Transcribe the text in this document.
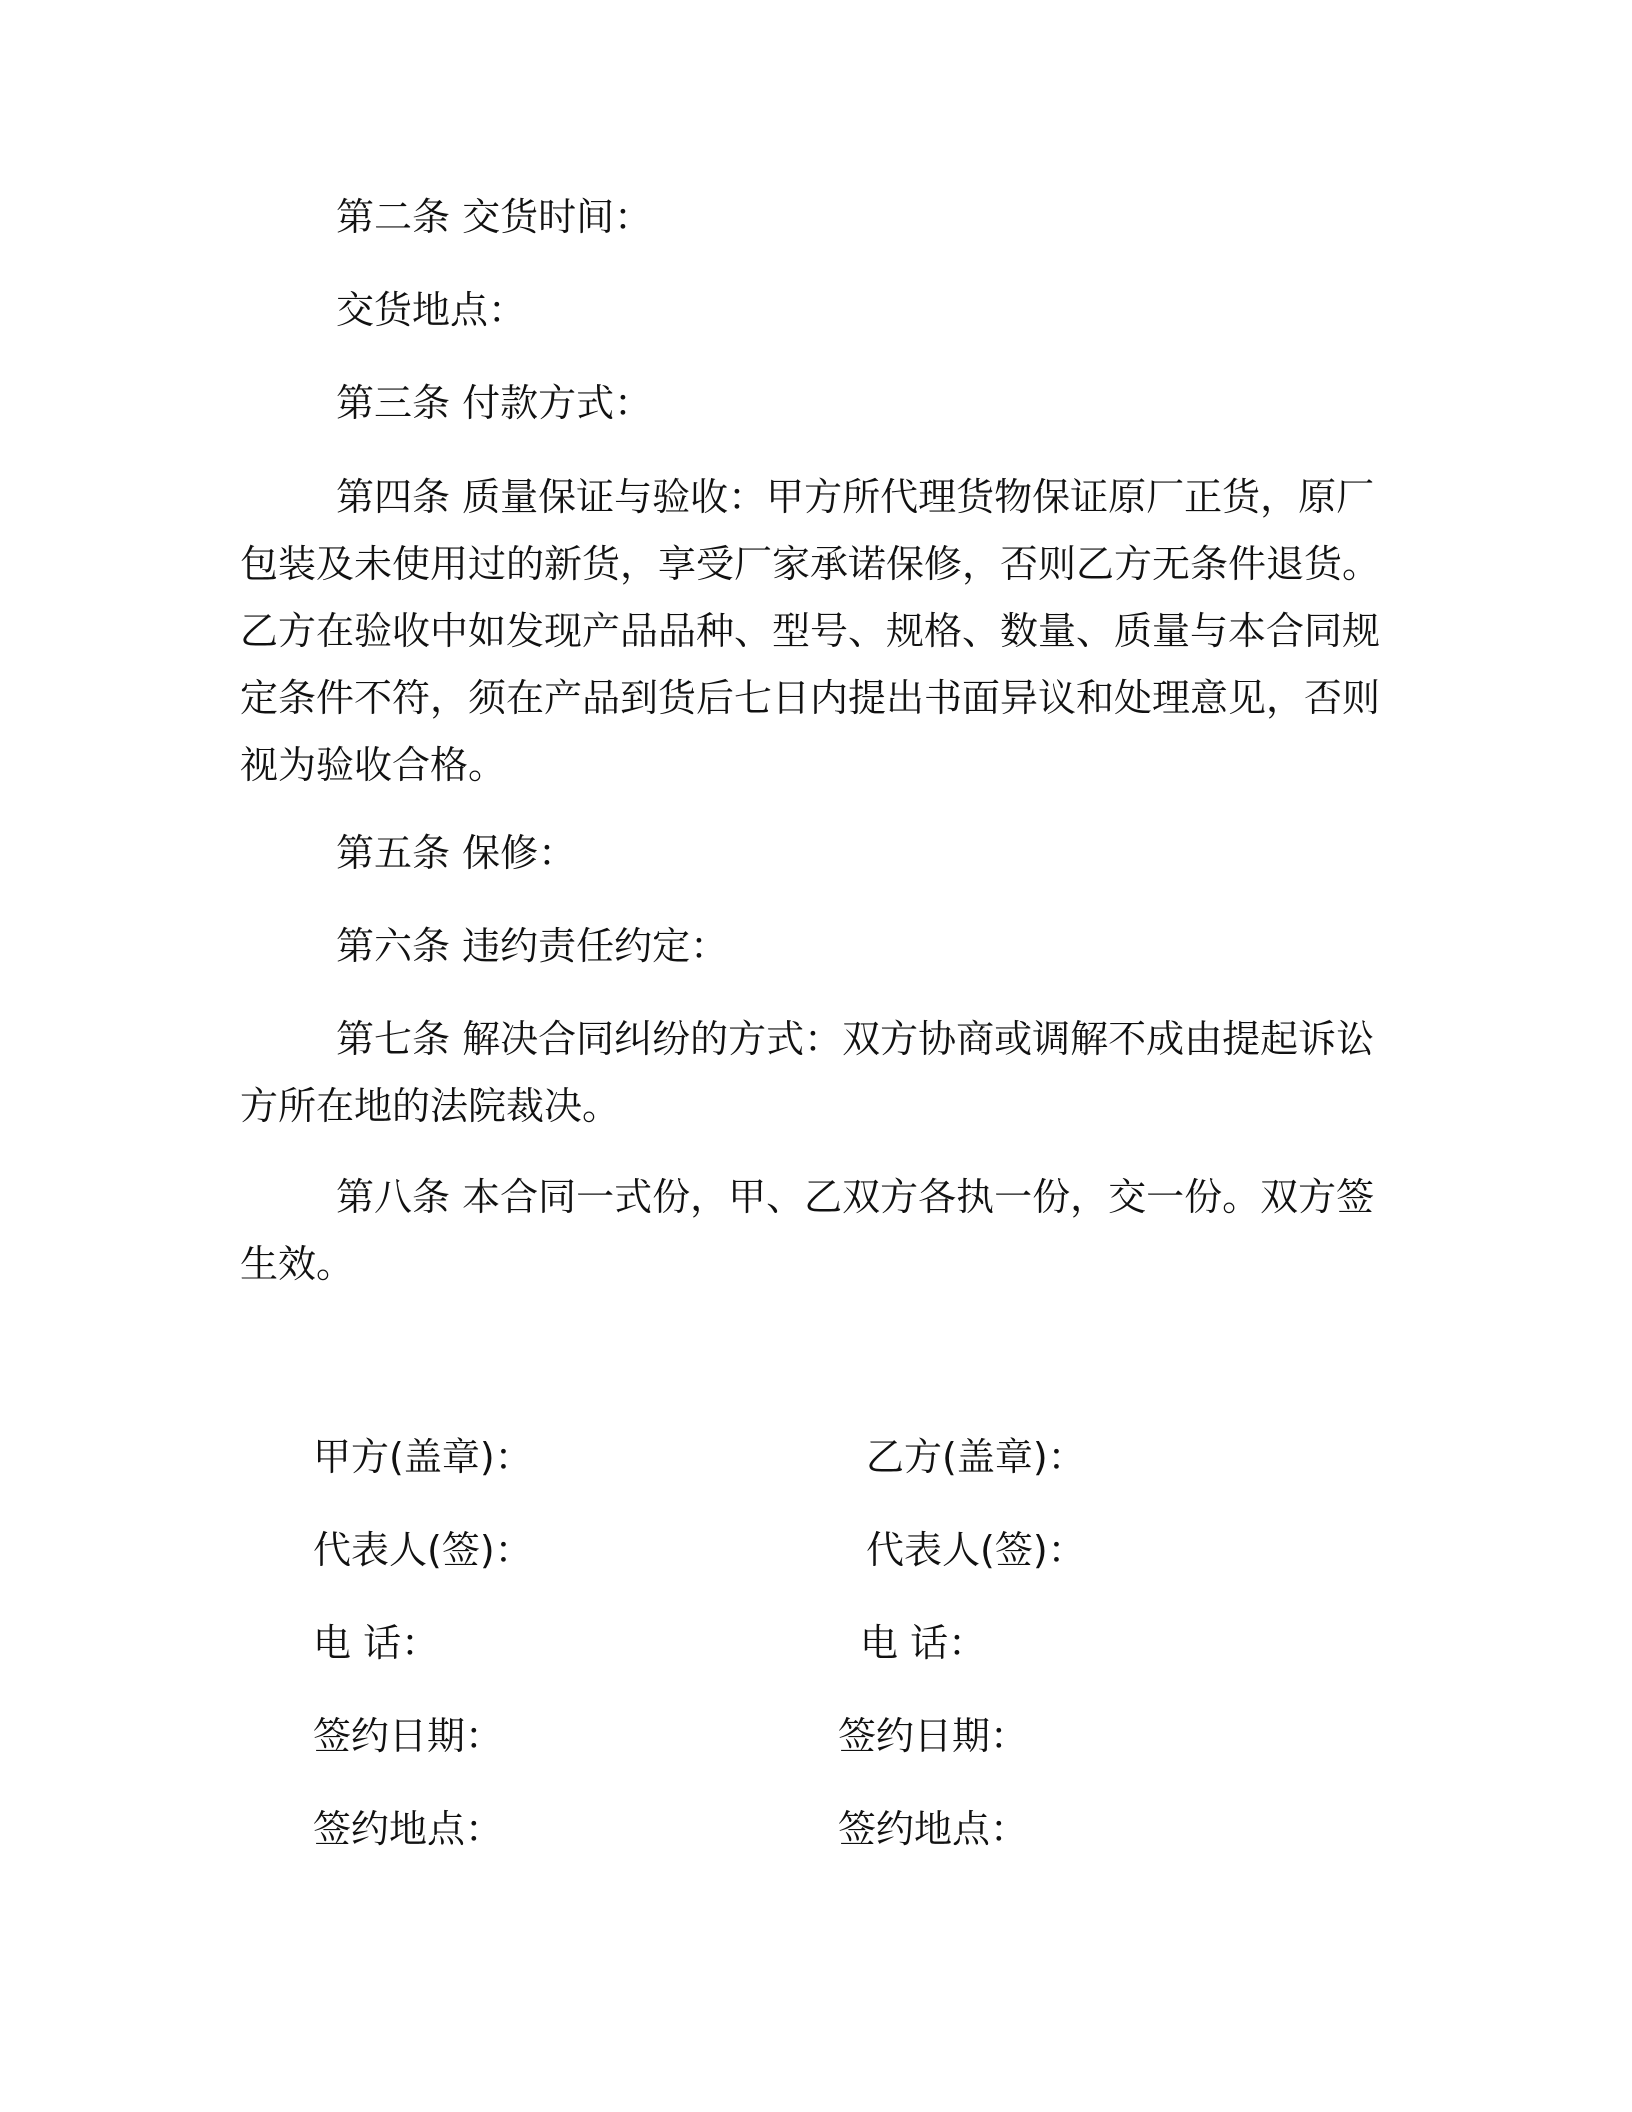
第二条 交货时间：

交货地点：

第三条 付款方式：

第四条 质量保证与验收：甲方所代理货物保证原厂正货，原厂包装及未使用过的新货，享受厂家承诺保修，否则乙方无条件退货。乙方在验收中如发现产品品种、型号、规格、数量、质量与本合同规定条件不符，须在产品到货后七日内提出书面异议和处理意见，否则视为验收合格。

第五条 保修：

第六条 违约责任约定：

第七条 解决合同纠纷的方式：双方协商或调解不成由提起诉讼方所在地的法院裁决。

第八条 本合同一式份，甲、乙双方各执一份，交一份。双方签生效。

甲方(盖章)：

代表人(签)：

电 话：

签约日期：

签约地点：

乙方(盖章)：

代表人(签)：

电 话：

签约日期：

签约地点：
